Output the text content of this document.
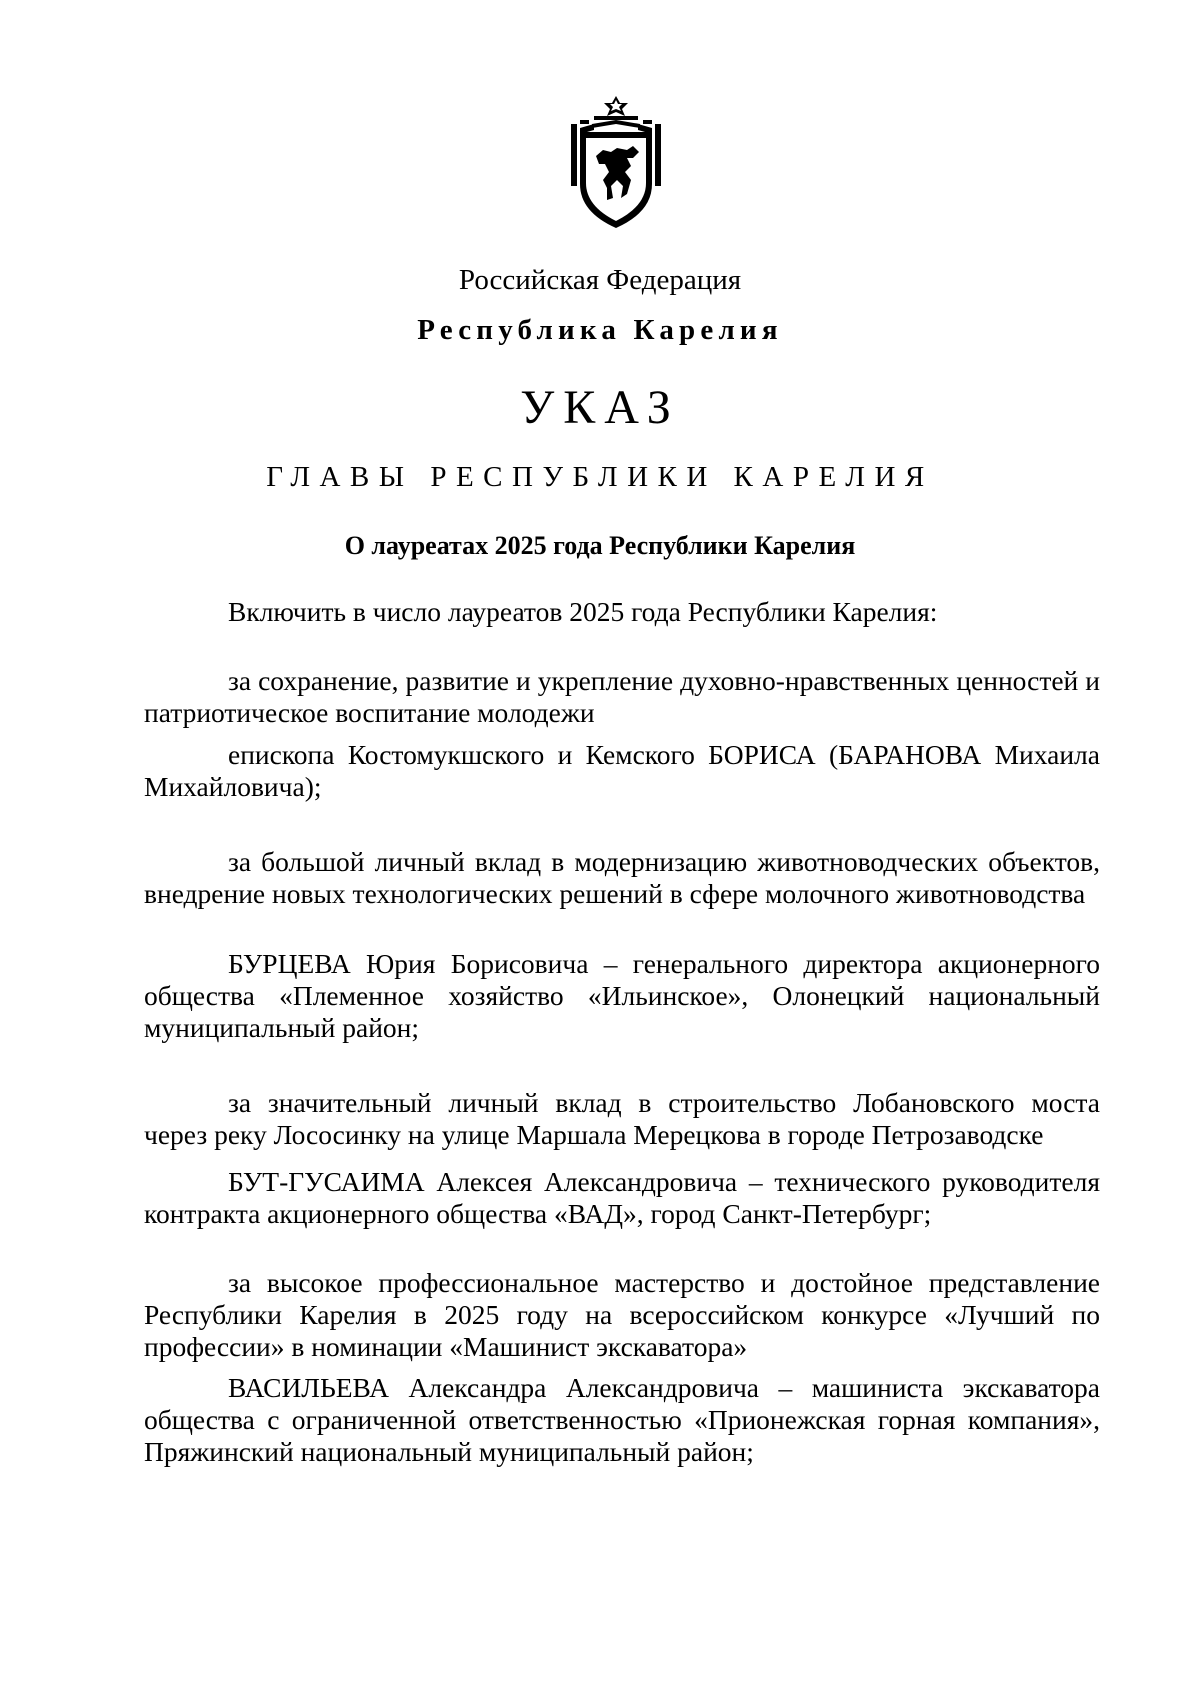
Российская Федерация
Республика Карелия
УКАЗ
ГЛАВЫ РЕСПУБЛИКИ КАРЕЛИЯ
О лауреатах 2025 года Республики Карелия

Включить в число лауреатов 2025 года Республики Карелия:

за сохранение, развитие и укрепление духовно-нравственных ценностей и патриотическое воспитание молодежи

епископа Костомукшского и Кемского БОРИСА (БАРАНОВА Михаила Михайловича);

за большой личный вклад в модернизацию животноводческих объектов, внедрение новых технологических решений в сфере молочного животноводства

БУРЦЕВА Юрия Борисовича – генерального директора акционерного общества «Племенное хозяйство «Ильинское», Олонецкий национальный муниципальный район;

за значительный личный вклад в строительство Лобановского моста через реку Лососинку на улице Маршала Мерецкова в городе Петрозаводске

БУТ-ГУСАИМА Алексея Александровича – технического руководителя контракта акционерного общества «ВАД», город Санкт-Петербург;

за высокое профессиональное мастерство и достойное представление Республики Карелия в 2025 году на всероссийском конкурсе «Лучший по профессии» в номинации «Машинист экскаватора»

ВАСИЛЬЕВА Александра Александровича – машиниста экскаватора общества с ограниченной ответственностью «Прионежская горная компания», Пряжинский национальный муниципальный район;
